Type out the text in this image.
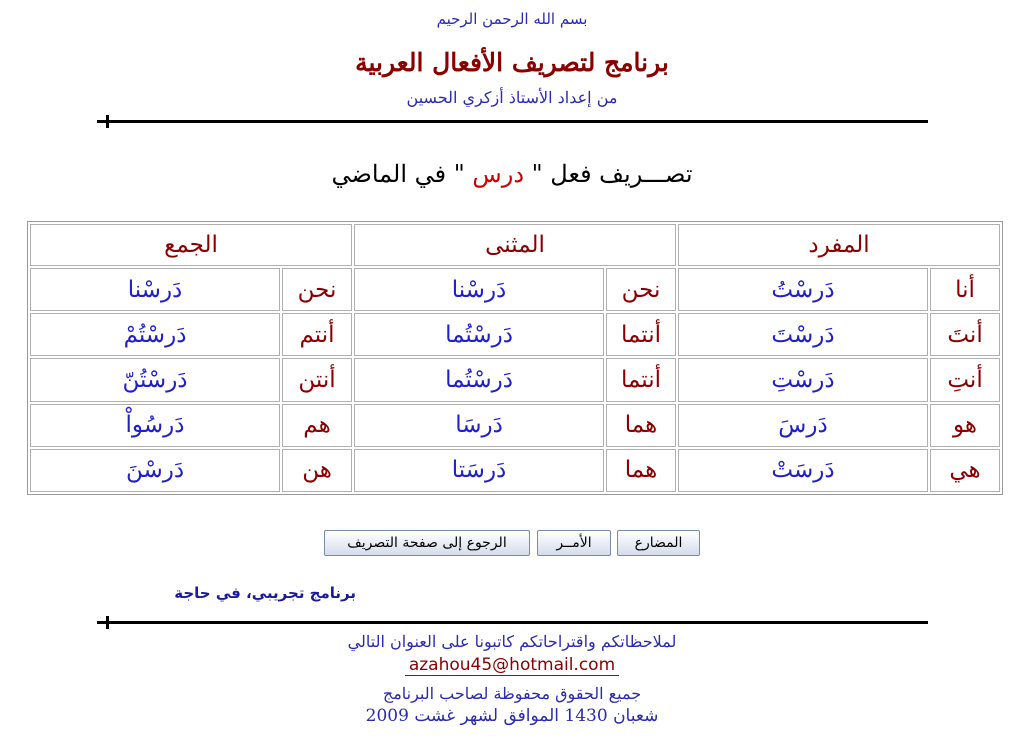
بسم الله الرحمن الرحيم
برنامج لتصريف الأفعال العربية
من إعداد الأستاذ أزكري الحسين
تصـــريف فعل " درس " في الماضي
المفرد		المثنى		الجمع	
أنا	دَرسْتُ	نحن	دَرسْنا	نحن	دَرسْنا
أنتَ	دَرسْتَ	أنتما	دَرسْتُما	أنتم	دَرسْتُمْ
أنتِ	دَرسْتِ	أنتما	دَرسْتُما	أنتن	دَرسْتُنّ
هو	دَرسَ	هما	دَرسَا	هم	دَرسُواْ
هي	دَرسَتْ	هما	دَرسَتا	هن	دَرسْنَ
المضارع
الأمــر
الرجوع إلى صفحة التصريف
برنامج تجريبي، في حاجة
لملاحظاتكم واقتراحاتكم كاتبونا على العنوان التالي
azahou45@hotmail.com
جميع الحقوق محفوظة لصاحب البرنامج
شعبان 1430 الموافق لشهر غشت 2009
